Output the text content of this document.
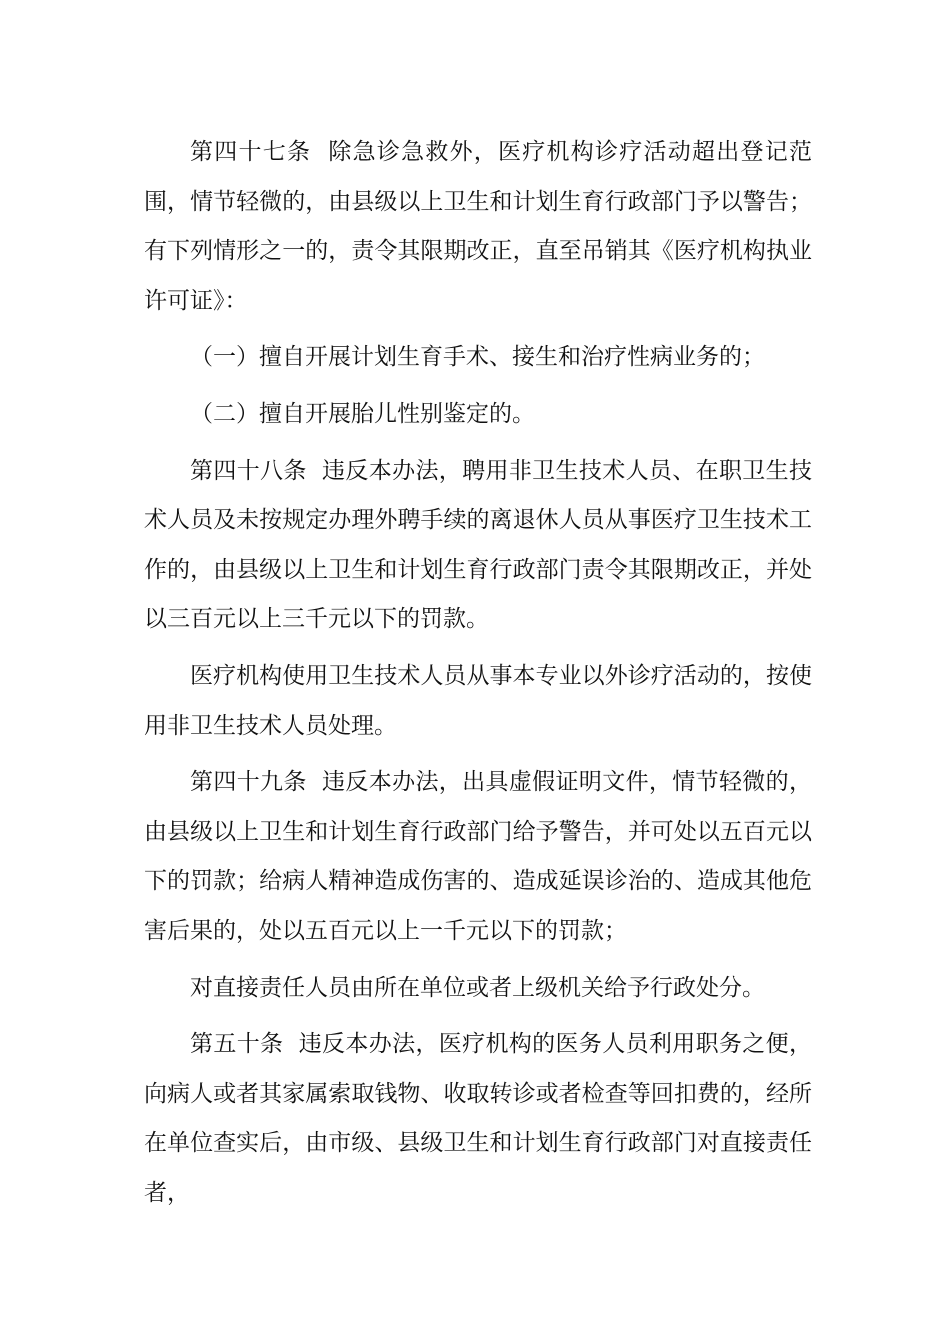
第四十七条  除急诊急救外，医疗机构诊疗活动超出登记范围，情节轻微的，由县级以上卫生和计划生育行政部门予以警告；有下列情形之一的，责令其限期改正，直至吊销其《医疗机构执业许可证》：

（一）擅自开展计划生育手术、接生和治疗性病业务的；

（二）擅自开展胎儿性别鉴定的。

第四十八条  违反本办法，聘用非卫生技术人员、在职卫生技术人员及未按规定办理外聘手续的离退休人员从事医疗卫生技术工作的，由县级以上卫生和计划生育行政部门责令其限期改正，并处以三百元以上三千元以下的罚款。

医疗机构使用卫生技术人员从事本专业以外诊疗活动的，按使用非卫生技术人员处理。

第四十九条  违反本办法，出具虚假证明文件，情节轻微的，由县级以上卫生和计划生育行政部门给予警告，并可处以五百元以下的罚款；给病人精神造成伤害的、造成延误诊治的、造成其他危害后果的，处以五百元以上一千元以下的罚款；

对直接责任人员由所在单位或者上级机关给予行政处分。

第五十条  违反本办法，医疗机构的医务人员利用职务之便，向病人或者其家属索取钱物、收取转诊或者检查等回扣费的，经所在单位查实后，由市级、县级卫生和计划生育行政部门对直接责任者，
